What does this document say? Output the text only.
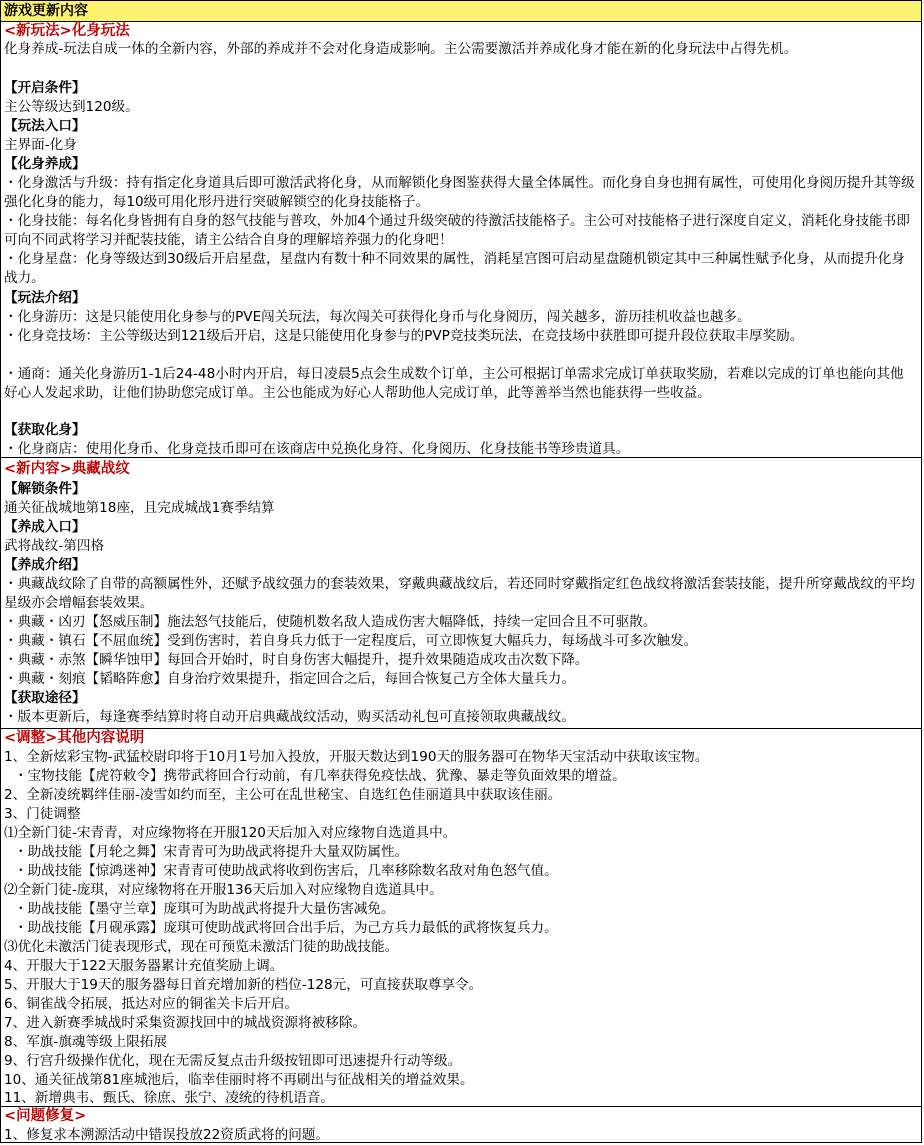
游戏更新内容
<新玩法>化身玩法
化身养成-玩法自成一体的全新内容，外部的养成并不会对化身造成影响。主公需要激活并养成化身才能在新的化身玩法中占得先机。
【开启条件】
主公等级达到120级。
【玩法入口】
主界面-化身
【化身养成】
・化身激活与升级：持有指定化身道具后即可激活武将化身，从而解锁化身图鉴获得大量全体属性。而化身自身也拥有属性，可使用化身阅历提升其等级强化化身的能力，每10级可用化形丹进行突破解锁空的化身技能格子。
・化身技能：每名化身皆拥有自身的怒气技能与普攻，外加4个通过升级突破的待激活技能格子。主公可对技能格子进行深度自定义，消耗化身技能书即可向不同武将学习并配装技能，请主公结合自身的理解培养强力的化身吧！
・化身星盘：化身等级达到30级后开启星盘，星盘内有数十种不同效果的属性，消耗星宫图可启动星盘随机锁定其中三种属性赋予化身，从而提升化身战力。
【玩法介绍】
・化身游历：这是只能使用化身参与的PVE闯关玩法，每次闯关可获得化身币与化身阅历，闯关越多，游历挂机收益也越多。
・化身竞技场：主公等级达到121级后开启，这是只能使用化身参与的PVP竞技类玩法，在竞技场中获胜即可提升段位获取丰厚奖励。
・通商：通关化身游历1-1后24-48小时内开启，每日凌晨5点会生成数个订单，主公可根据订单需求完成订单获取奖励，若难以完成的订单也能向其他好心人发起求助，让他们协助您完成订单。主公也能成为好心人帮助他人完成订单，此等善举当然也能获得一些收益。
【获取化身】
・化身商店：使用化身币、化身竞技币即可在该商店中兑换化身符、化身阅历、化身技能书等珍贵道具。
<新内容>典藏战纹
【解锁条件】
通关征战城地第18座，且完成城战1赛季结算
【养成入口】
武将战纹-第四格
【养成介绍】
・典藏战纹除了自带的高额属性外，还赋予战纹强力的套装效果，穿戴典藏战纹后，若还同时穿戴指定红色战纹将激活套装技能，提升所穿戴战纹的平均星级亦会增幅套装效果。
・典藏・凶刃【怒威压制】施法怒气技能后，使随机数名敌人造成伤害大幅降低，持续一定回合且不可驱散。
・典藏・镇石【不屈血统】受到伤害时，若自身兵力低于一定程度后，可立即恢复大幅兵力，每场战斗可多次触发。
・典藏・赤煞【瞬华蚀甲】每回合开始时，时自身伤害大幅提升，提升效果随造成攻击次数下降。
・典藏・刻痕【韬略阵愈】自身治疗效果提升，指定回合之后，每回合恢复己方全体大量兵力。
【获取途径】
・版本更新后，每逢赛季结算时将自动开启典藏战纹活动，购买活动礼包可直接领取典藏战纹。
<调整>其他内容说明
1、全新炫彩宝物-武猛校尉印将于10月1号加入投放，开服天数达到190天的服务器可在物华天宝活动中获取该宝物。
・宝物技能【虎符敕令】携带武将回合行动前，有几率获得免疫怯战、犹豫、暴走等负面效果的增益。
2、全新凌统羁绊佳丽-凌雪如约而至，主公可在乱世秘宝、自选红色佳丽道具中获取该佳丽。
3、门徒调整
⑴全新门徒-宋青青，对应缘物将在开服120天后加入对应缘物自选道具中。
・助战技能【月轮之舞】宋青青可为助战武将提升大量双防属性。
・助战技能【惊鸿迷神】宋青青可使助战武将收到伤害后，几率移除数名敌对角色怒气值。
⑵全新门徒-庞琪，对应缘物将在开服136天后加入对应缘物自选道具中。
・助战技能【墨守兰章】庞琪可为助战武将提升大量伤害减免。
・助战技能【月砚承露】庞琪可使助战武将回合出手后，为己方兵力最低的武将恢复兵力。
⑶优化未激活门徒表现形式，现在可预览未激活门徒的助战技能。
4、开服大于122天服务器累计充值奖励上调。
5、开服大于19天的服务器每日首充增加新的档位-128元，可直接获取尊享令。
6、铜雀战令拓展，抵达对应的铜雀关卡后开启。
7、进入新赛季城战时采集资源找回中的城战资源将被移除。
8、军旗-旗魂等级上限拓展
9、行宫升级操作优化，现在无需反复点击升级按钮即可迅速提升行动等级。
10、通关征战第81座城池后，临幸佳丽时将不再刷出与征战相关的增益效果。
11、新增典韦、甄氏、徐庶、张宁、凌统的待机语音。
<问题修复>
1、修复求本溯源活动中错误投放22资质武将的问题。
